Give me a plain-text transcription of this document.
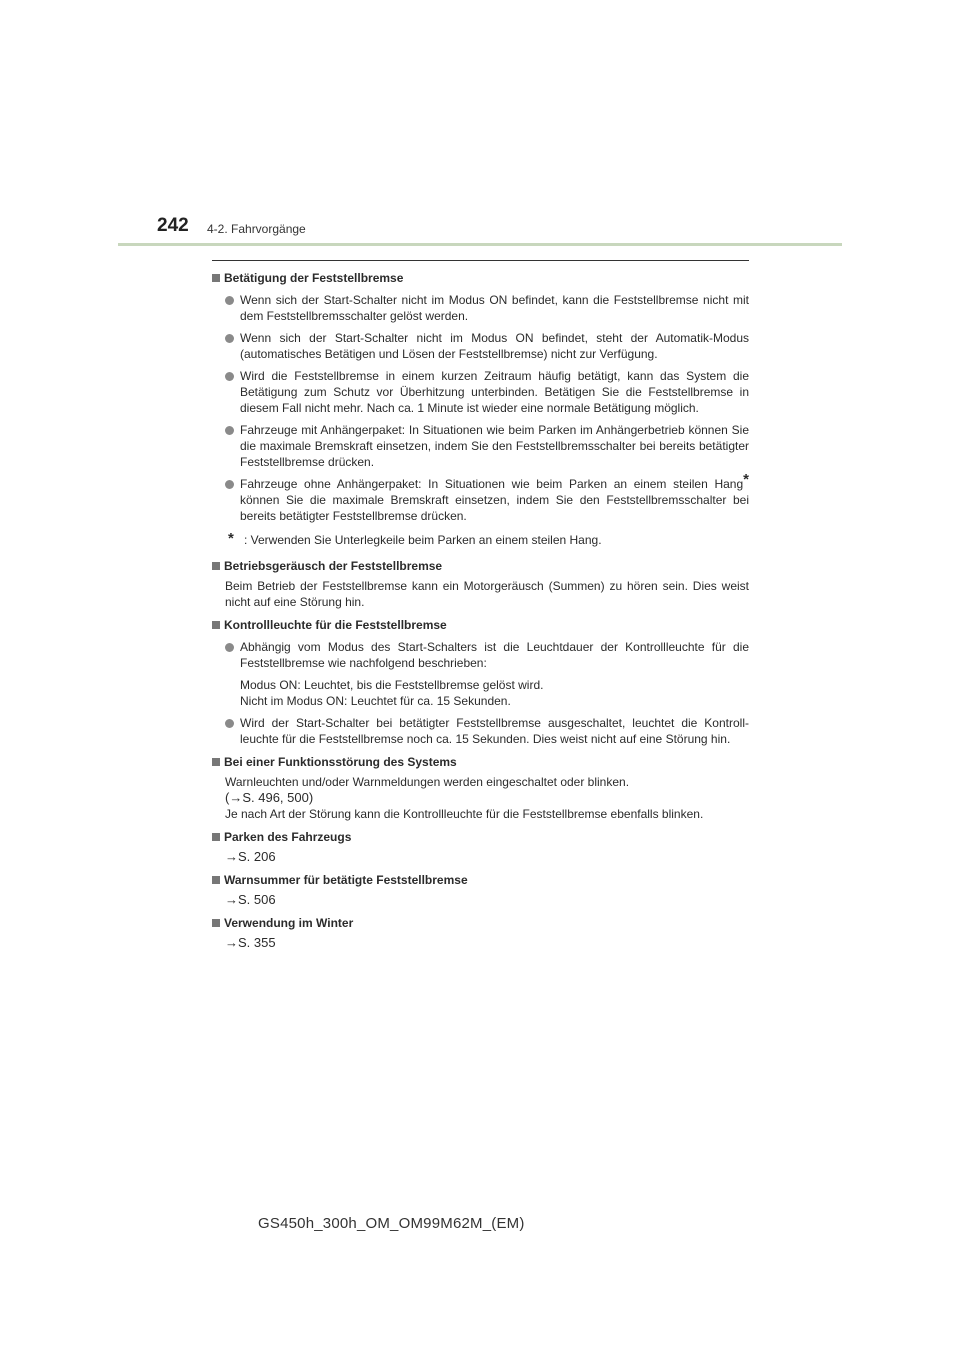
242 4-2. Fahrvorgänge
Betätigung der Feststellbremse
Wenn sich der Start-Schalter nicht im Modus ON befindet, kann die Feststellbremse nicht mit dem Feststellbremsschalter gelöst werden.
Wenn sich der Start-Schalter nicht im Modus ON befindet, steht der Automatik-Modus (automatisches Betätigen und Lösen der Feststellbremse) nicht zur Verfügung.
Wird die Feststellbremse in einem kurzen Zeitraum häufig betätigt, kann das System die Betätigung zum Schutz vor Überhitzung unterbinden. Betätigen Sie die Feststellbremse in diesem Fall nicht mehr. Nach ca. 1 Minute ist wieder eine normale Betätigung möglich.
Fahrzeuge mit Anhängerpaket: In Situationen wie beim Parken im Anhängerbetrieb können Sie die maximale Bremskraft einsetzen, indem Sie den Feststellbremsschalter bei bereits betätigter Feststellbremse drücken.
Fahrzeuge ohne Anhängerpaket: In Situationen wie beim Parken an einem steilen Hang* können Sie die maximale Bremskraft einsetzen, indem Sie den Feststellbremsschalter bei bereits betätigter Feststellbremse drücken.
* : Verwenden Sie Unterlegkeile beim Parken an einem steilen Hang.
Betriebsgeräusch der Feststellbremse
Beim Betrieb der Feststellbremse kann ein Motorgeräusch (Summen) zu hören sein. Dies weist nicht auf eine Störung hin.
Kontrollleuchte für die Feststellbremse
Abhängig vom Modus des Start-Schalters ist die Leuchtdauer der Kontrollleuchte für die Feststellbremse wie nachfolgend beschrieben:
Modus ON: Leuchtet, bis die Feststellbremse gelöst wird.
Nicht im Modus ON: Leuchtet für ca. 15 Sekunden.
Wird der Start-Schalter bei betätigter Feststellbremse ausgeschaltet, leuchtet die Kontroll-leuchte für die Feststellbremse noch ca. 15 Sekunden. Dies weist nicht auf eine Störung hin.
Bei einer Funktionsstörung des Systems
Warnleuchten und/oder Warnmeldungen werden eingeschaltet oder blinken.
(→S. 496, 500)
Je nach Art der Störung kann die Kontrollleuchte für die Feststellbremse ebenfalls blinken.
Parken des Fahrzeugs
→S. 206
Warnsummer für betätigte Feststellbremse
→S. 506
Verwendung im Winter
→S. 355
GS450h_300h_OM_OM99M62M_(EM)
